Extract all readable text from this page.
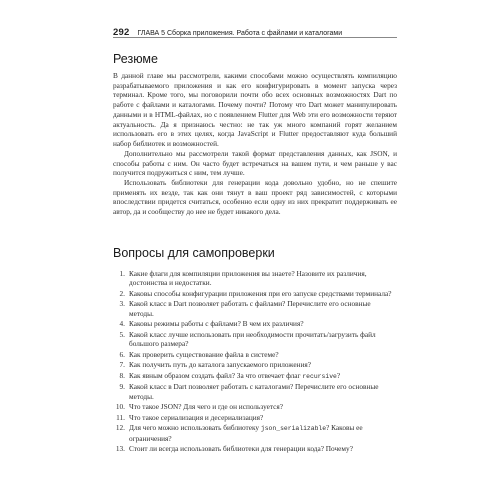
292 ГЛАВА 5 Сборка приложения. Работа с файлами и каталогами
Резюме

В данной главе мы рассмотрели, какими способами можно осуществлять компиляцию разрабатываемого приложения и как его конфигурировать в момент запуска через терминал. Кроме того, мы поговорили почти обо всех основных возможностях Dart по работе с файлами и каталогами. Почему почти? Потому что Dart может манипулировать данными и в HTML-файлах, но с появлением Flutter для Web эти его возможности теряют актуальность. Да я признаюсь честно: не так уж много компаний горят желанием использовать его в этих целях, когда JavaScript и Flutter предоставляют куда больший набор библиотек и возможностей.

Дополнительно мы рассмотрели такой формат представления данных, как JSON, и способы работы с ним. Он часто будет встречаться на вашем пути, и чем раньше у вас получится подружиться с ним, тем лучше.

Использовать библиотеки для генерации кода довольно удобно, но не спешите применять их везде, так как они тянут в ваш проект ряд зависимостей, с которыми впоследствии придется считаться, особенно если одну из них прекратит поддерживать ее автор, да и сообществу до нее не будет никакого дела.

Вопросы для самопроверки
1. Какие флаги для компиляции приложения вы знаете? Назовите их различия, достоинства и недостатки.
2. Каковы способы конфигурации приложения при его запуске средствами терминала?
3. Какой класс в Dart позволяет работать с файлами? Перечислите его основные методы.
4. Каковы режимы работы с файлами? В чем их различия?
5. Какой класс лучше использовать при необходимости прочитать/загрузить файл большого размера?
6. Как проверить существование файла в системе?
7. Как получить путь до каталога запускаемого приложения?
8. Как явным образом создать файл? За что отвечает флаг recursive?
9. Какой класс в Dart позволяет работать с каталогами? Перечислите его основные методы.
10. Что такое JSON? Для чего и где он используется?
11. Что такое сериализация и десериализация?
12. Для чего можно использовать библиотеку json_serializable? Каковы ее ограничения?
13. Стоит ли всегда использовать библиотеки для генерации кода? Почему?
